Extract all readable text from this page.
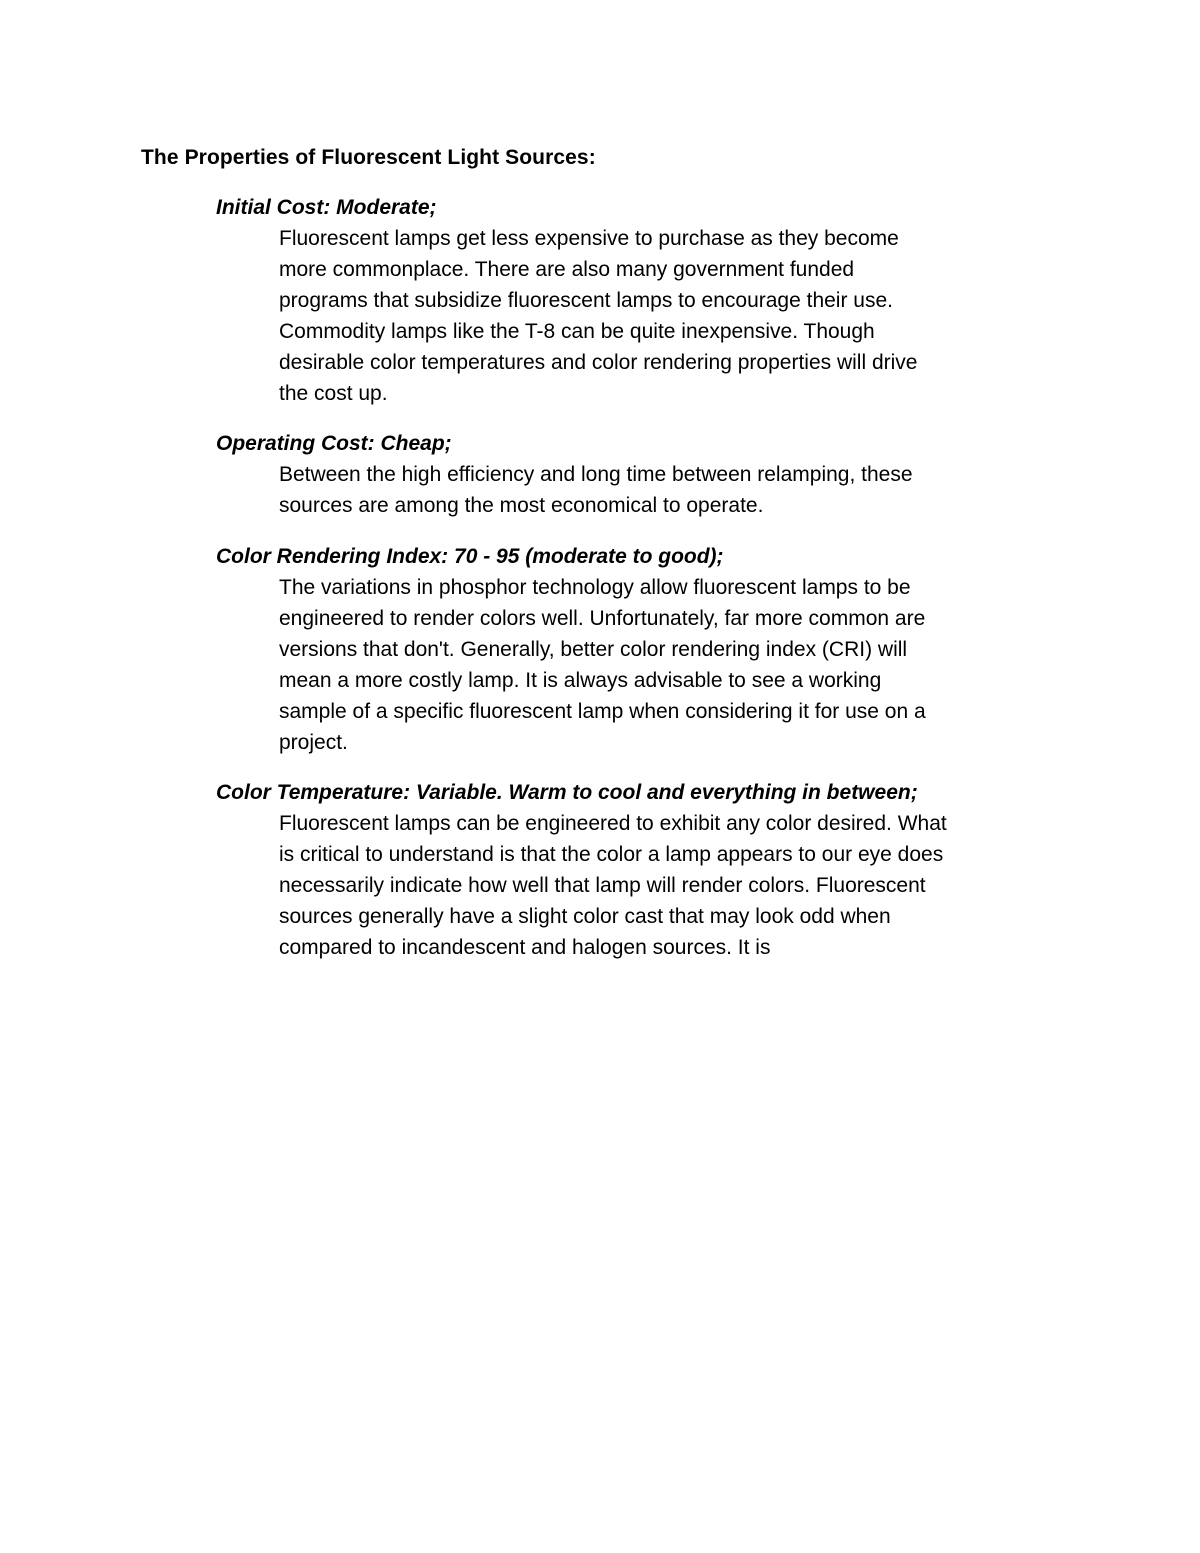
The Properties of Fluorescent Light Sources:
Initial Cost: Moderate;

Fluorescent lamps get less expensive to purchase as they become
more commonplace. There are also many government funded
programs that subsidize fluorescent lamps to encourage their use.
Commodity lamps like the T-8 can be quite inexpensive. Though
desirable color temperatures and color rendering properties will drive
the cost up.

Operating Cost: Cheap;

Between the high efficiency and long time between relamping, these
sources are among the most economical to operate.

Color Rendering Index: 70 - 95 (moderate to good);

The variations in phosphor technology allow fluorescent lamps to be
engineered to render colors well. Unfortunately, far more common are
versions that don't. Generally, better color rendering index (CRI) will
mean a more costly lamp. It is always advisable to see a working
sample of a specific fluorescent lamp when considering it for use on a
project.

Color Temperature: Variable. Warm to cool and everything in between;

Fluorescent lamps can be engineered to exhibit any color desired. What
is critical to understand is that the color a lamp appears to our eye does
necessarily indicate how well that lamp will render colors. Fluorescent
sources generally have a slight color cast that may look odd when
compared to incandescent and halogen sources. It is
